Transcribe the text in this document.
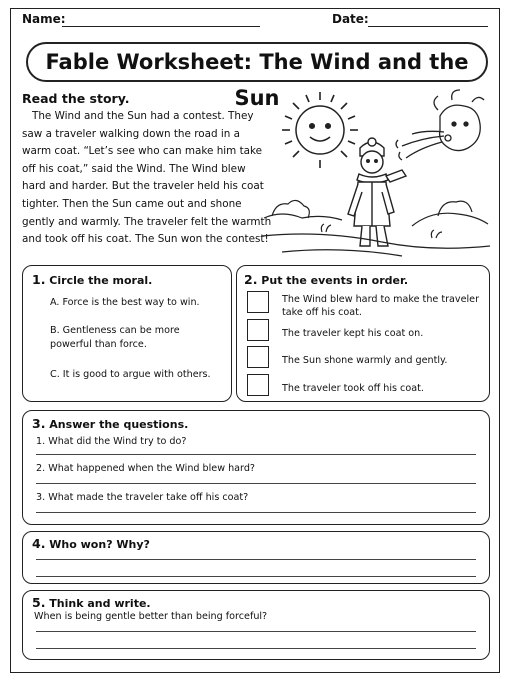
Name:	Date:
Fable Worksheet: The Wind and the Sun
Read the story.

The Wind and the Sun had a contest. They saw a traveler walking down the road in a warm coat. “Let’s see who can make him take off his coat,” said the Wind. The Wind blew hard and harder. But the traveler held his coat tighter. Then the Sun came out and shone gently and warmly. The traveler felt the warmth and took off his coat. The Sun won the contest!

1. Circle the moral.
A. Force is the best way to win.
B. Gentleness can be more powerful than force.
C. It is good to argue with others.
2. Put the events in order.
The Wind blew hard to make the traveler take off his coat.
The traveler kept his coat on.
The Sun shone warmly and gently.
The traveler took off his coat.
3. Answer the questions.
1. What did the Wind try to do?
2. What happened when the Wind blew hard?
3. What made the traveler take off his coat?
4. Who won? Why?
5. Think and write.
When is being gentle better than being forceful?
